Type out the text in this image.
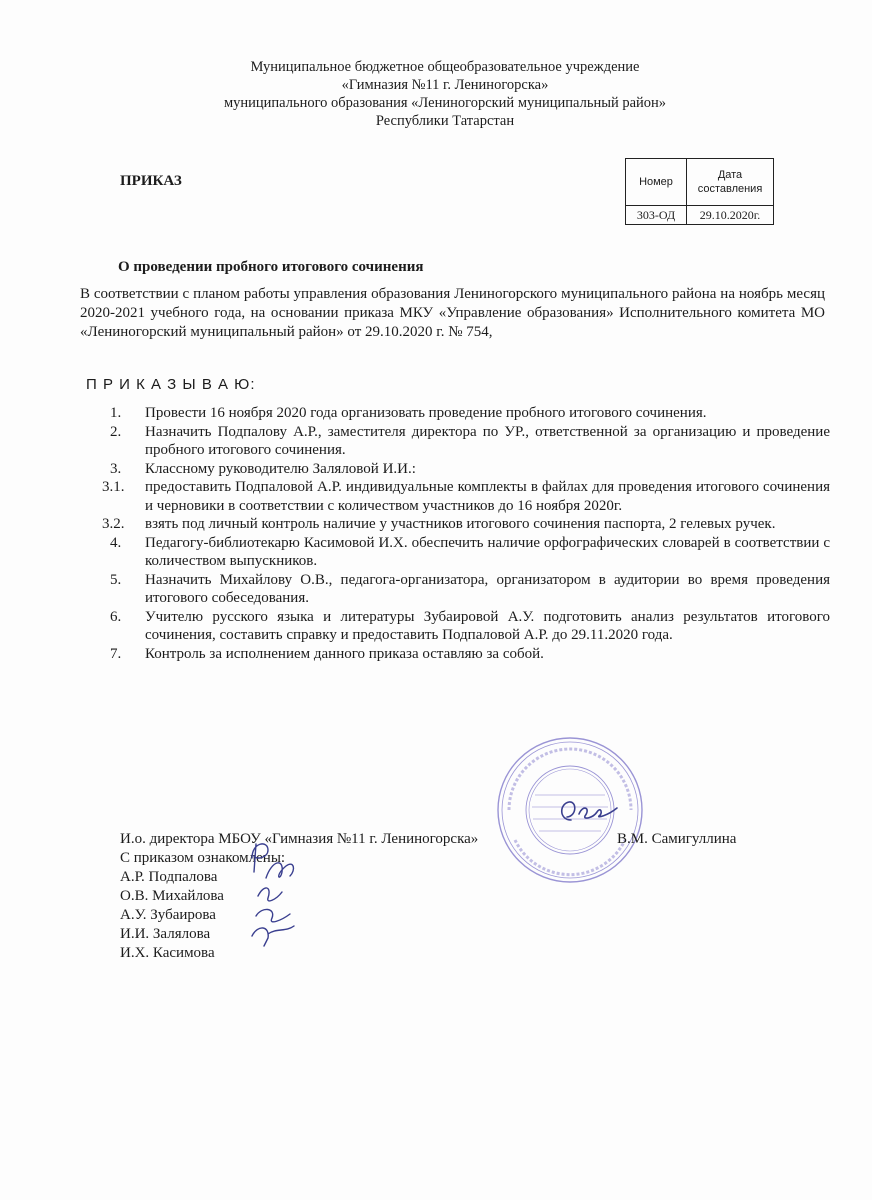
Муниципальное бюджетное общеобразовательное учреждение
«Гимназия №11 г. Лениногорска»
муниципального образования «Лениногорский муниципальный район»
Республики Татарстан
ПРИКАЗ	Номер	Дата
составления

303-ОД	29.10.2020г.
О проведении пробного итогового сочинения
В соответствии с планом работы управления образования Лениногорского муниципального района на ноябрь месяц 2020-2021 учебного года, на основании приказа МКУ «Управление образования» Исполнительного комитета МО «Лениногорский муниципальный район» от 29.10.2020 г. № 754,
П Р И К А З Ы В А Ю:
1.	Провести 16 ноября 2020 года организовать проведение пробного итогового сочинения.
2.	Назначить Подпалову А.Р., заместителя директора по УР., ответственной за организацию и проведение пробного итогового сочинения.
3.	Классному руководителю Заляловой И.И.:
3.1.	предоставить Подпаловой А.Р. индивидуальные комплекты в файлах для проведения итогового сочинения и черновики в соответствии с количеством участников до 16 ноября 2020г.
3.2.	взять под личный контроль наличие у участников итогового сочинения паспорта, 2 гелевых ручек.
4.	Педагогу-библиотекарю Касимовой И.Х. обеспечить наличие орфографических словарей в соответствии с количеством выпускников.
5.	Назначить Михайлову О.В., педагога-организатора, организатором в аудитории во время проведения итогового собеседования.
6.	Учителю русского языка и литературы Зубаировой А.У. подготовить анализ результатов итогового сочинения, составить справку и предоставить Подпаловой А.Р. до 29.11.2020 года.
7.	Контроль за исполнением данного приказа оставляю за собой.
И.о. директора МБОУ «Гимназия №11 г. Лениногорска»	В.М. Самигуллина
С приказом ознакомлены:
А.Р. Подпалова
О.В. Михайлова
А.У. Зубаирова
И.И. Залялова
И.Х. Касимова
